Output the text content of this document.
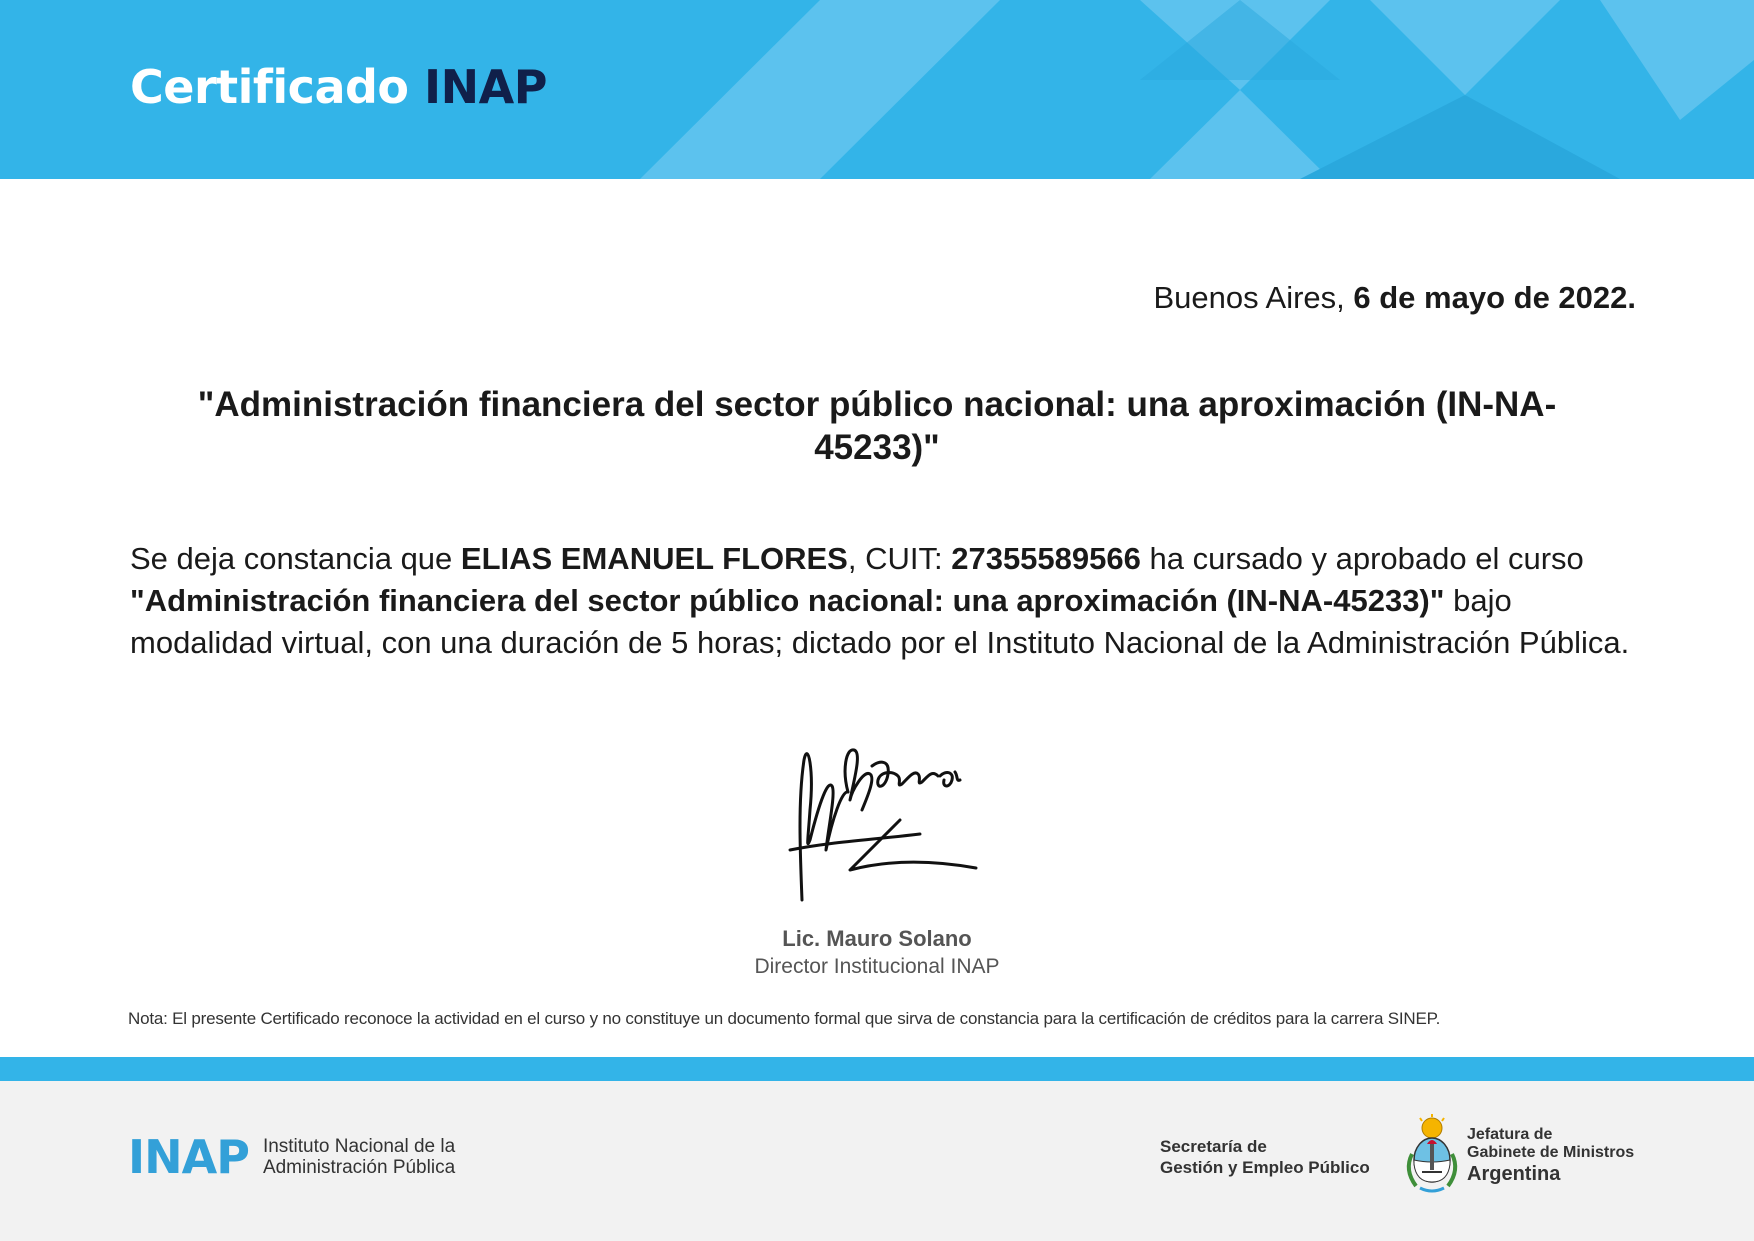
Certificado INAP
Buenos Aires, 6 de mayo de 2022.
"Administración financiera del sector público nacional: una aproximación (IN-NA-45233)"
Se deja constancia que ELIAS EMANUEL FLORES, CUIT: 27355589566 ha cursado y aprobado el curso "Administración financiera del sector público nacional: una aproximación (IN-NA-45233)" bajo modalidad virtual, con una duración de 5 horas; dictado por el Instituto Nacional de la Administración Pública.
Lic. Mauro Solano
Director Institucional INAP
Nota: El presente Certificado reconoce la actividad en el curso y no constituye un documento formal que sirva de constancia para la certificación de créditos para la carrera SINEP.
INAP Instituto Nacional de la
Administración Pública
Secretaría de
Gestión y Empleo Público
Jefatura de
Gabinete de Ministros
Argentina
